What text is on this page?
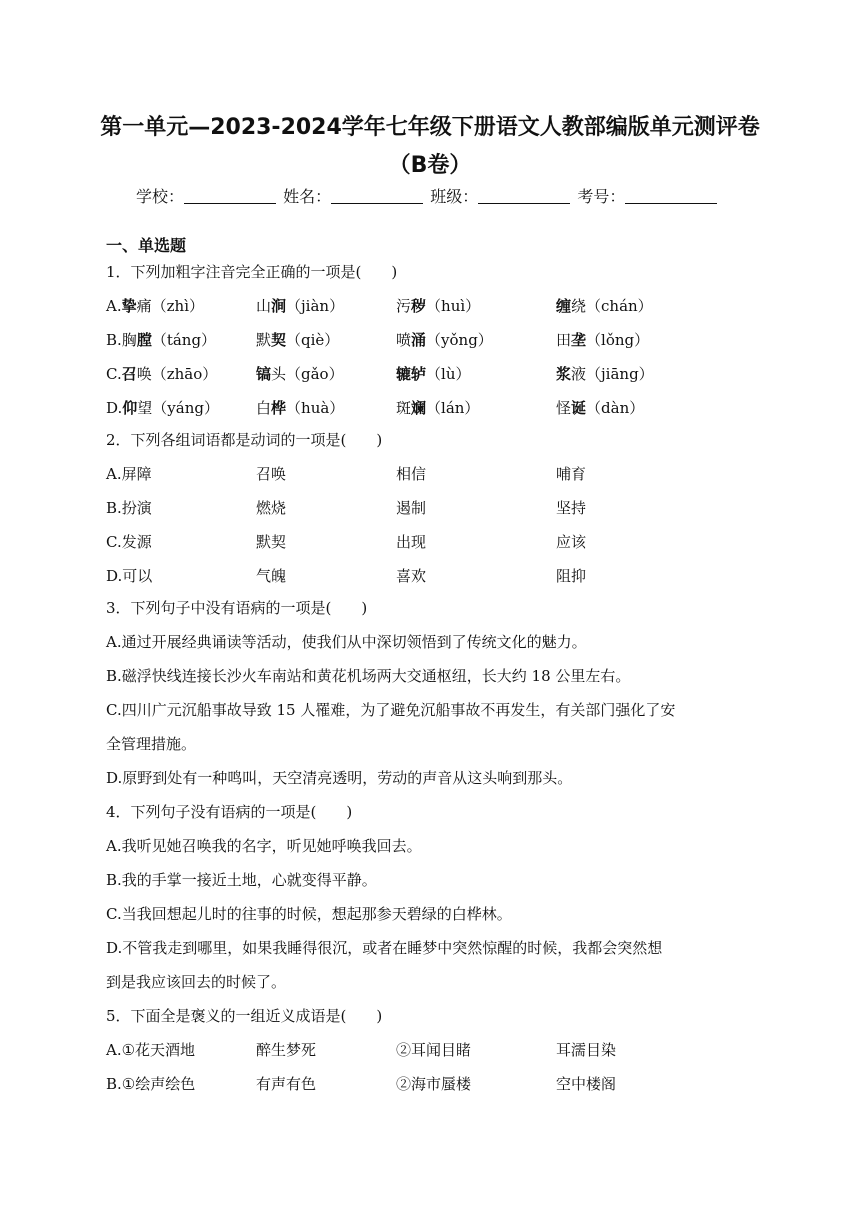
第一单元—2023-2024学年七年级下册语文人教部编版单元测评卷
（B卷）
学校：	姓名：	班级：	考号：
一、单选题
1．下列加粗字注音完全正确的一项是(　　)
A.挚痛（zhì）	山涧（jiàn）	污秽（huì）	缠绕（chán）
B.胸膛（táng）	默契（qiè）	喷涌（yǒng）	田垄（lǒng）
C.召唤（zhāo）	镐头（gǎo）	辘轳（lù）	浆液（jiāng）
D.仰望（yáng） 白桦（huà）	斑斓（lán）	怪诞（dàn）
2．下列各组词语都是动词的一项是(　　)
A.屏障	召唤	相信	哺育
B.扮演	燃烧	遏制	坚持
C.发源	默契	出现	应该
D.可以	气魄	喜欢	阻抑
3．下列句子中没有语病的一项是(　　)
A.通过开展经典诵读等活动，使我们从中深切领悟到了传统文化的魅力。
B.磁浮快线连接长沙火车南站和黄花机场两大交通枢纽，长大约 18 公里左右。
C.四川广元沉船事故导致 15 人罹难，为了避免沉船事故不再发生，有关部门强化了安
全管理措施。
D.原野到处有一种鸣叫，天空清亮透明，劳动的声音从这头响到那头。
4．下列句子没有语病的一项是(　　)
A.我听见她召唤我的名字，听见她呼唤我回去。
B.我的手掌一接近土地，心就变得平静。
C.当我回想起儿时的往事的时候，想起那参天碧绿的白桦林。
D.不管我走到哪里，如果我睡得很沉，或者在睡梦中突然惊醒的时候，我都会突然想
到是我应该回去的时候了。
5．下面全是褒义的一组近义成语是(　　)
A.①花天酒地	醉生梦死	②耳闻目睹	耳濡目染
B.①绘声绘色	有声有色	②海市蜃楼	空中楼阁
